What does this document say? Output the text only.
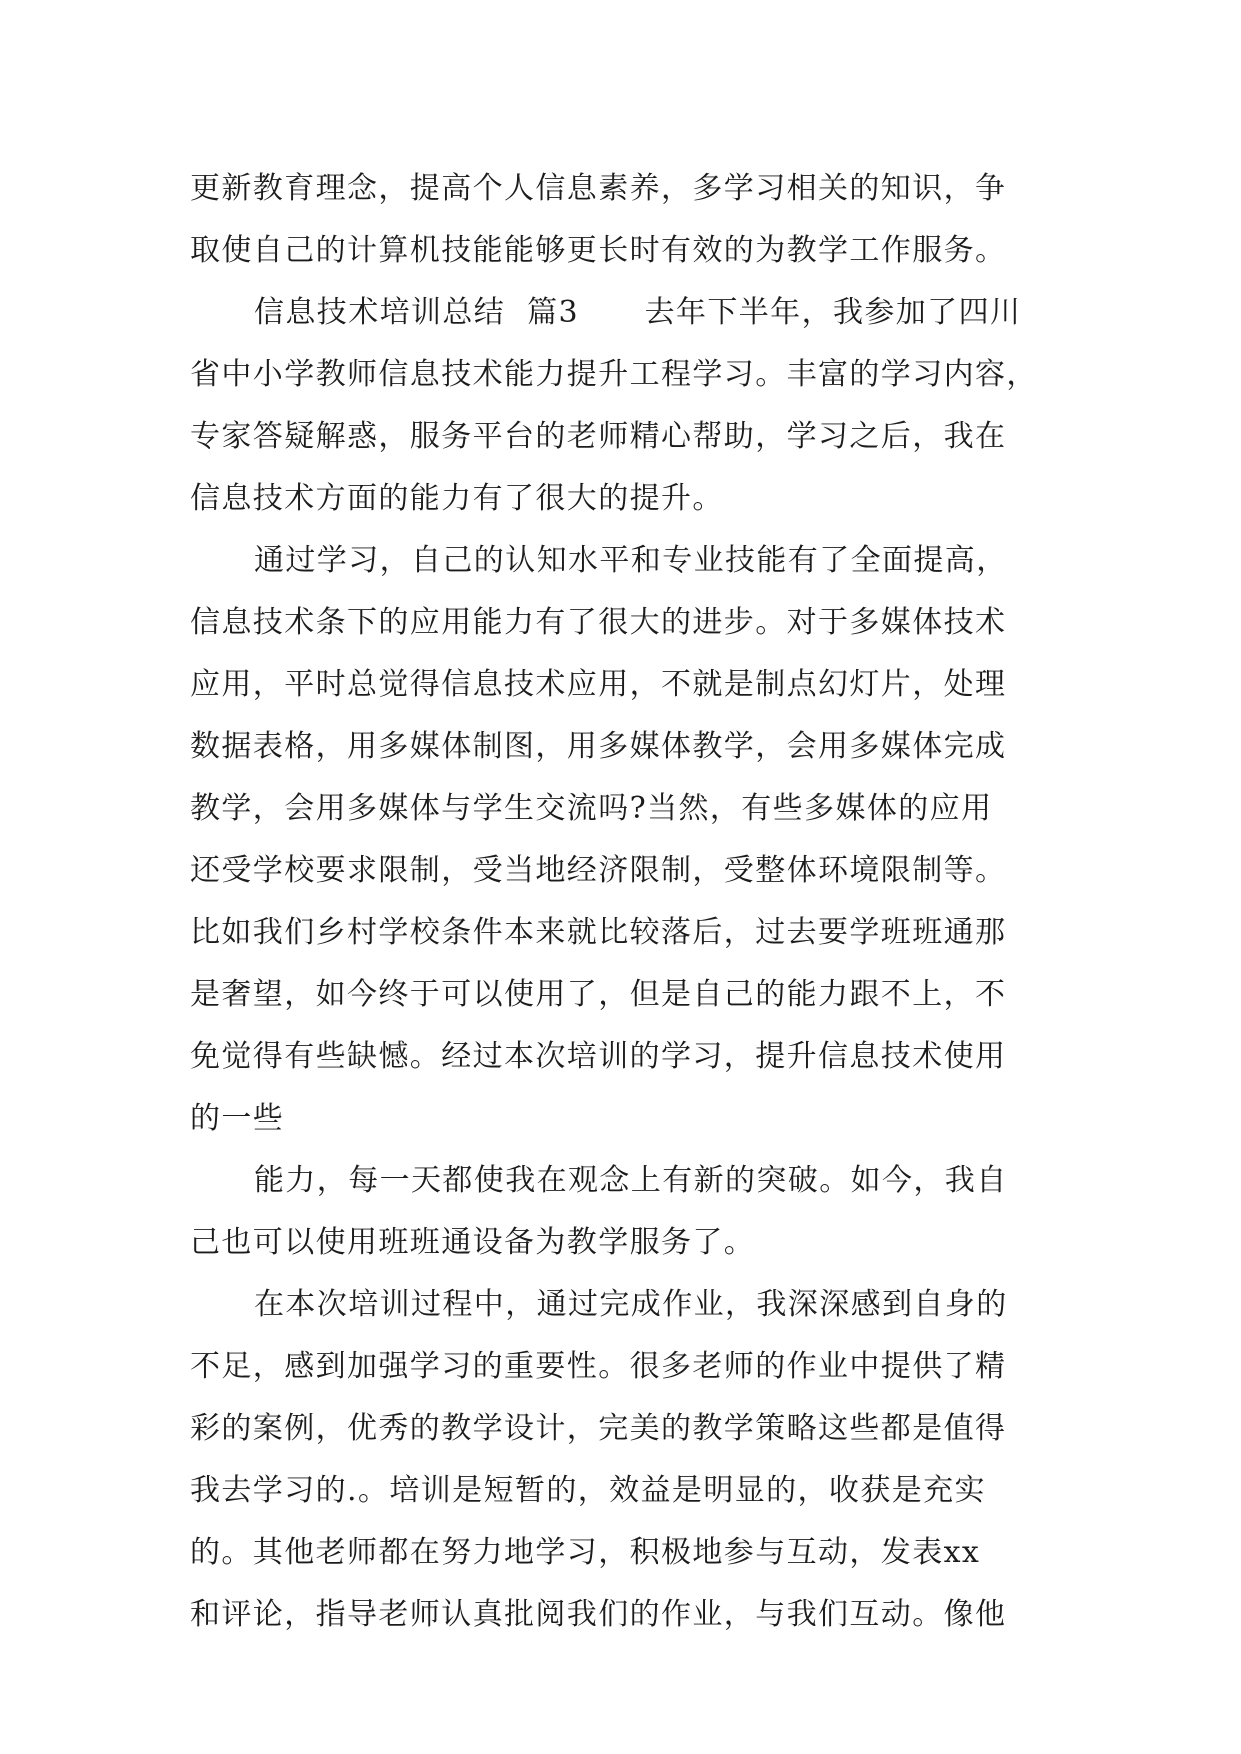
更新教育理念，提高个人信息素养，多学习相关的知识，争
取使自己的计算机技能能够更长时有效的为教学工作服务。
信息技术培训总结  篇3      去年下半年，我参加了四川
省中小学教师信息技术能力提升工程学习。丰富的学习内容，
专家答疑解惑，服务平台的老师精心帮助，学习之后，我在
信息技术方面的能力有了很大的提升。
通过学习，自己的认知水平和专业技能有了全面提高，
信息技术条下的应用能力有了很大的进步。对于多媒体技术
应用，平时总觉得信息技术应用，不就是制点幻灯片，处理
数据表格，用多媒体制图，用多媒体教学，会用多媒体完成
教学，会用多媒体与学生交流吗?当然，有些多媒体的应用
还受学校要求限制，受当地经济限制，受整体环境限制等。
比如我们乡村学校条件本来就比较落后，过去要学班班通那
是奢望，如今终于可以使用了，但是自己的能力跟不上，不
免觉得有些缺憾。经过本次培训的学习，提升信息技术使用
的一些
能力，每一天都使我在观念上有新的突破。如今，我自
己也可以使用班班通设备为教学服务了。
在本次培训过程中，通过完成作业，我深深感到自身的
不足，感到加强学习的重要性。很多老师的作业中提供了精
彩的案例，优秀的教学设计，完美的教学策略这些都是值得
我去学习的.。培训是短暂的，效益是明显的，收获是充实
的。其他老师都在努力地学习，积极地参与互动，发表xx
和评论，指导老师认真批阅我们的作业，与我们互动。像他
